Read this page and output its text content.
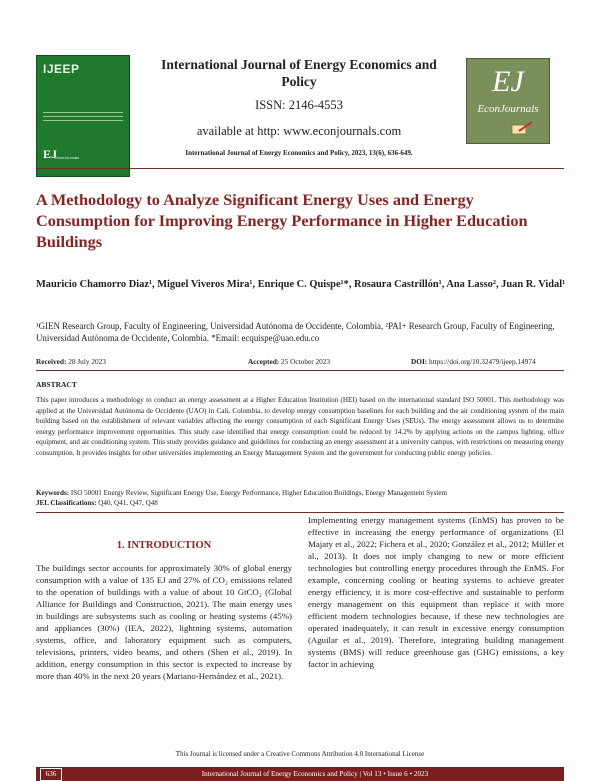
IJEEP
EJ
EconJournals
International Journal of Energy Economics and Policy
ISSN: 2146-4553
available at http: www.econjournals.com
International Journal of Energy Economics and Policy, 2023, 13(6), 636-649.
EJ
EconJournals
A Methodology to Analyze Significant Energy Uses and Energy Consumption for Improving Energy Performance in Higher Education Buildings
Mauricio Chamorro Diaz¹, Miguel Viveros Mira¹, Enrique C. Quispe¹*, Rosaura Castrillón¹, Ana Lasso², Juan R. Vidal¹
¹GIEN Research Group, Faculty of Engineering, Universidad Autónoma de Occidente, Colombia, ²PAI+ Research Group, Faculty of Engineering, Universidad Autónoma de Occidente, Colombia. *Email: ecquispe@uao.edu.co
Received: 28 July 2023	Accepted: 25 October 2023	DOI: https://doi.org/10.32479/ijeep.14974
ABSTRACT
This paper introduces a methodology to conduct an energy assessment at a Higher Education Institution (HEI) based on the international standard ISO 50001. This methodology was applied at the Universidad Autónoma de Occidente (UAO) in Cali, Colombia, to develop energy consumption baselines for each building and the air conditioning system of the main building based on the establishment of relevant variables affecting the energy consumption of each Significant Energy Uses (SEUs). The energy assessment allows us to determine energy performance improvement opportunities. This study case identified that energy consumption could be reduced by 14.2% by applying actions on the campus lighting, office equipment, and air conditioning system. This study provides guidance and guidelines for conducting an energy assessment at a university campus, with restrictions on measuring energy consumption. It provides insights for other universities implementing an Energy Management System and the government for conducting public energy policies.
Keywords: ISO 50001 Energy Review, Significant Energy Use, Energy Performance, Higher Education Buildings, Energy Management System
JEL Classifications: Q40, Q41, Q47, Q48
1. INTRODUCTION
The buildings sector accounts for approximately 30% of global energy consumption with a value of 135 EJ and 27% of CO₂ emissions related to the operation of buildings with a value of about 10 GtCO₂ (Global Alliance for Buildings and Construction, 2021). The main energy uses in buildings are subsystems such as cooling or heating systems (45%) and appliances (30%) (IEA, 2022), lightning systems, automation systems, office, and laboratory equipment such as computers, televisions, printers, video beams, and others (Shen et al., 2019). In addition, energy consumption in this sector is expected to increase by more than 40% in the next 20 years (Mariano-Hernández et al., 2021).
Implementing energy management systems (EnMS) has proven to be effective in increasing the energy performance of organizations (El Majaty et al., 2022; Fichera et al., 2020; González et al., 2012; Müller et al., 2013). It does not imply changing to new or more efficient technologies but controlling energy procedures through the EnMS. For example, concerning cooling or heating systems to achieve greater energy efficiency, it is more cost-effective and sustainable to perform energy management on this equipment than replace it with more efficient modern technologies because, if these new technologies are operated inadequately, it can result in excessive energy consumption (Aguilar et al., 2019). Therefore, integrating building management systems (BMS) will reduce greenhouse gas (GHG) emissions, a key factor in achieving
This Journal is licensed under a Creative Commons Attribution 4.0 International License
636	International Journal of Energy Economics and Policy | Vol 13 • Issue 6 • 2023
